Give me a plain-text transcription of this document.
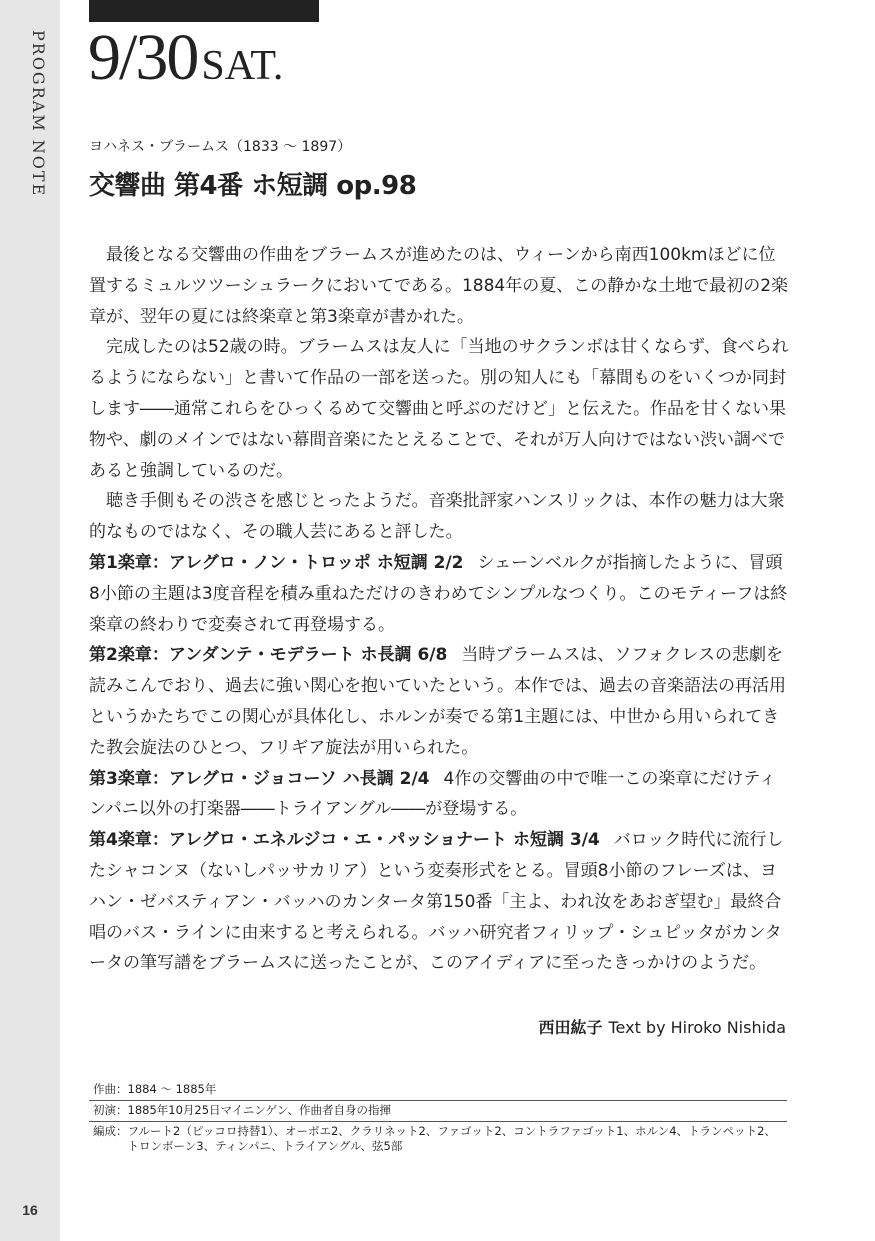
PROGRAM NOTE
16
9/30SAT.
ヨハネス・ブラームス（1833 ～ 1897）
交響曲 第4番 ホ短調 op.98

最後となる交響曲の作曲をブラームスが進めたのは、ウィーンから南西100kmほどに位置するミュルツツーシュラークにおいてである。1884年の夏、この静かな土地で最初の2楽章が、翌年の夏には終楽章と第3楽章が書かれた。

完成したのは52歳の時。ブラームスは友人に「当地のサクランボは甘くならず、食べられるようにならない」と書いて作品の一部を送った。別の知人にも「幕間ものをいくつか同封します――通常これらをひっくるめて交響曲と呼ぶのだけど」と伝えた。作品を甘くない果物や、劇のメインではない幕間音楽にたとえることで、それが万人向けではない渋い調べであると強調しているのだ。

聴き手側もその渋さを感じとったようだ。音楽批評家ハンスリックは、本作の魅力は大衆的なものではなく、その職人芸にあると評した。

第1楽章：アレグロ・ノン・トロッポ ホ短調 2/2 シェーンベルクが指摘したように、冒頭8小節の主題は3度音程を積み重ねただけのきわめてシンプルなつくり。このモティーフは終楽章の終わりで変奏されて再登場する。

第2楽章：アンダンテ・モデラート ホ長調 6/8 当時ブラームスは、ソフォクレスの悲劇を読みこんでおり、過去に強い関心を抱いていたという。本作では、過去の音楽語法の再活用というかたちでこの関心が具体化し、ホルンが奏でる第1主題には、中世から用いられてきた教会旋法のひとつ、フリギア旋法が用いられた。

第3楽章：アレグロ・ジョコーソ ハ長調 2/4 4作の交響曲の中で唯一この楽章にだけティンパニ以外の打楽器――トライアングル――が登場する。

第4楽章：アレグロ・エネルジコ・エ・パッショナート ホ短調 3/4 バロック時代に流行したシャコンヌ（ないしパッサカリア）という変奏形式をとる。冒頭8小節のフレーズは、ヨハン・ゼバスティアン・バッハのカンタータ第150番「主よ、われ汝をあおぎ望む」最終合唱のバス・ラインに由来すると考えられる。バッハ研究者フィリップ・シュピッタがカンタータの筆写譜をブラームスに送ったことが、このアイディアに至ったきっかけのようだ。

西田紘子 Text by Hiroko Nishida
作曲：1884 ～ 1885年
初演：1885年10月25日マイニンゲン、作曲者自身の指揮
編成： フルート2（ピッコロ持替1）、オーボエ2、クラリネット2、ファゴット2、コントラファゴット1、ホルン4、トランペット2、トロンボーン3、ティンパニ、トライアングル、弦5部
